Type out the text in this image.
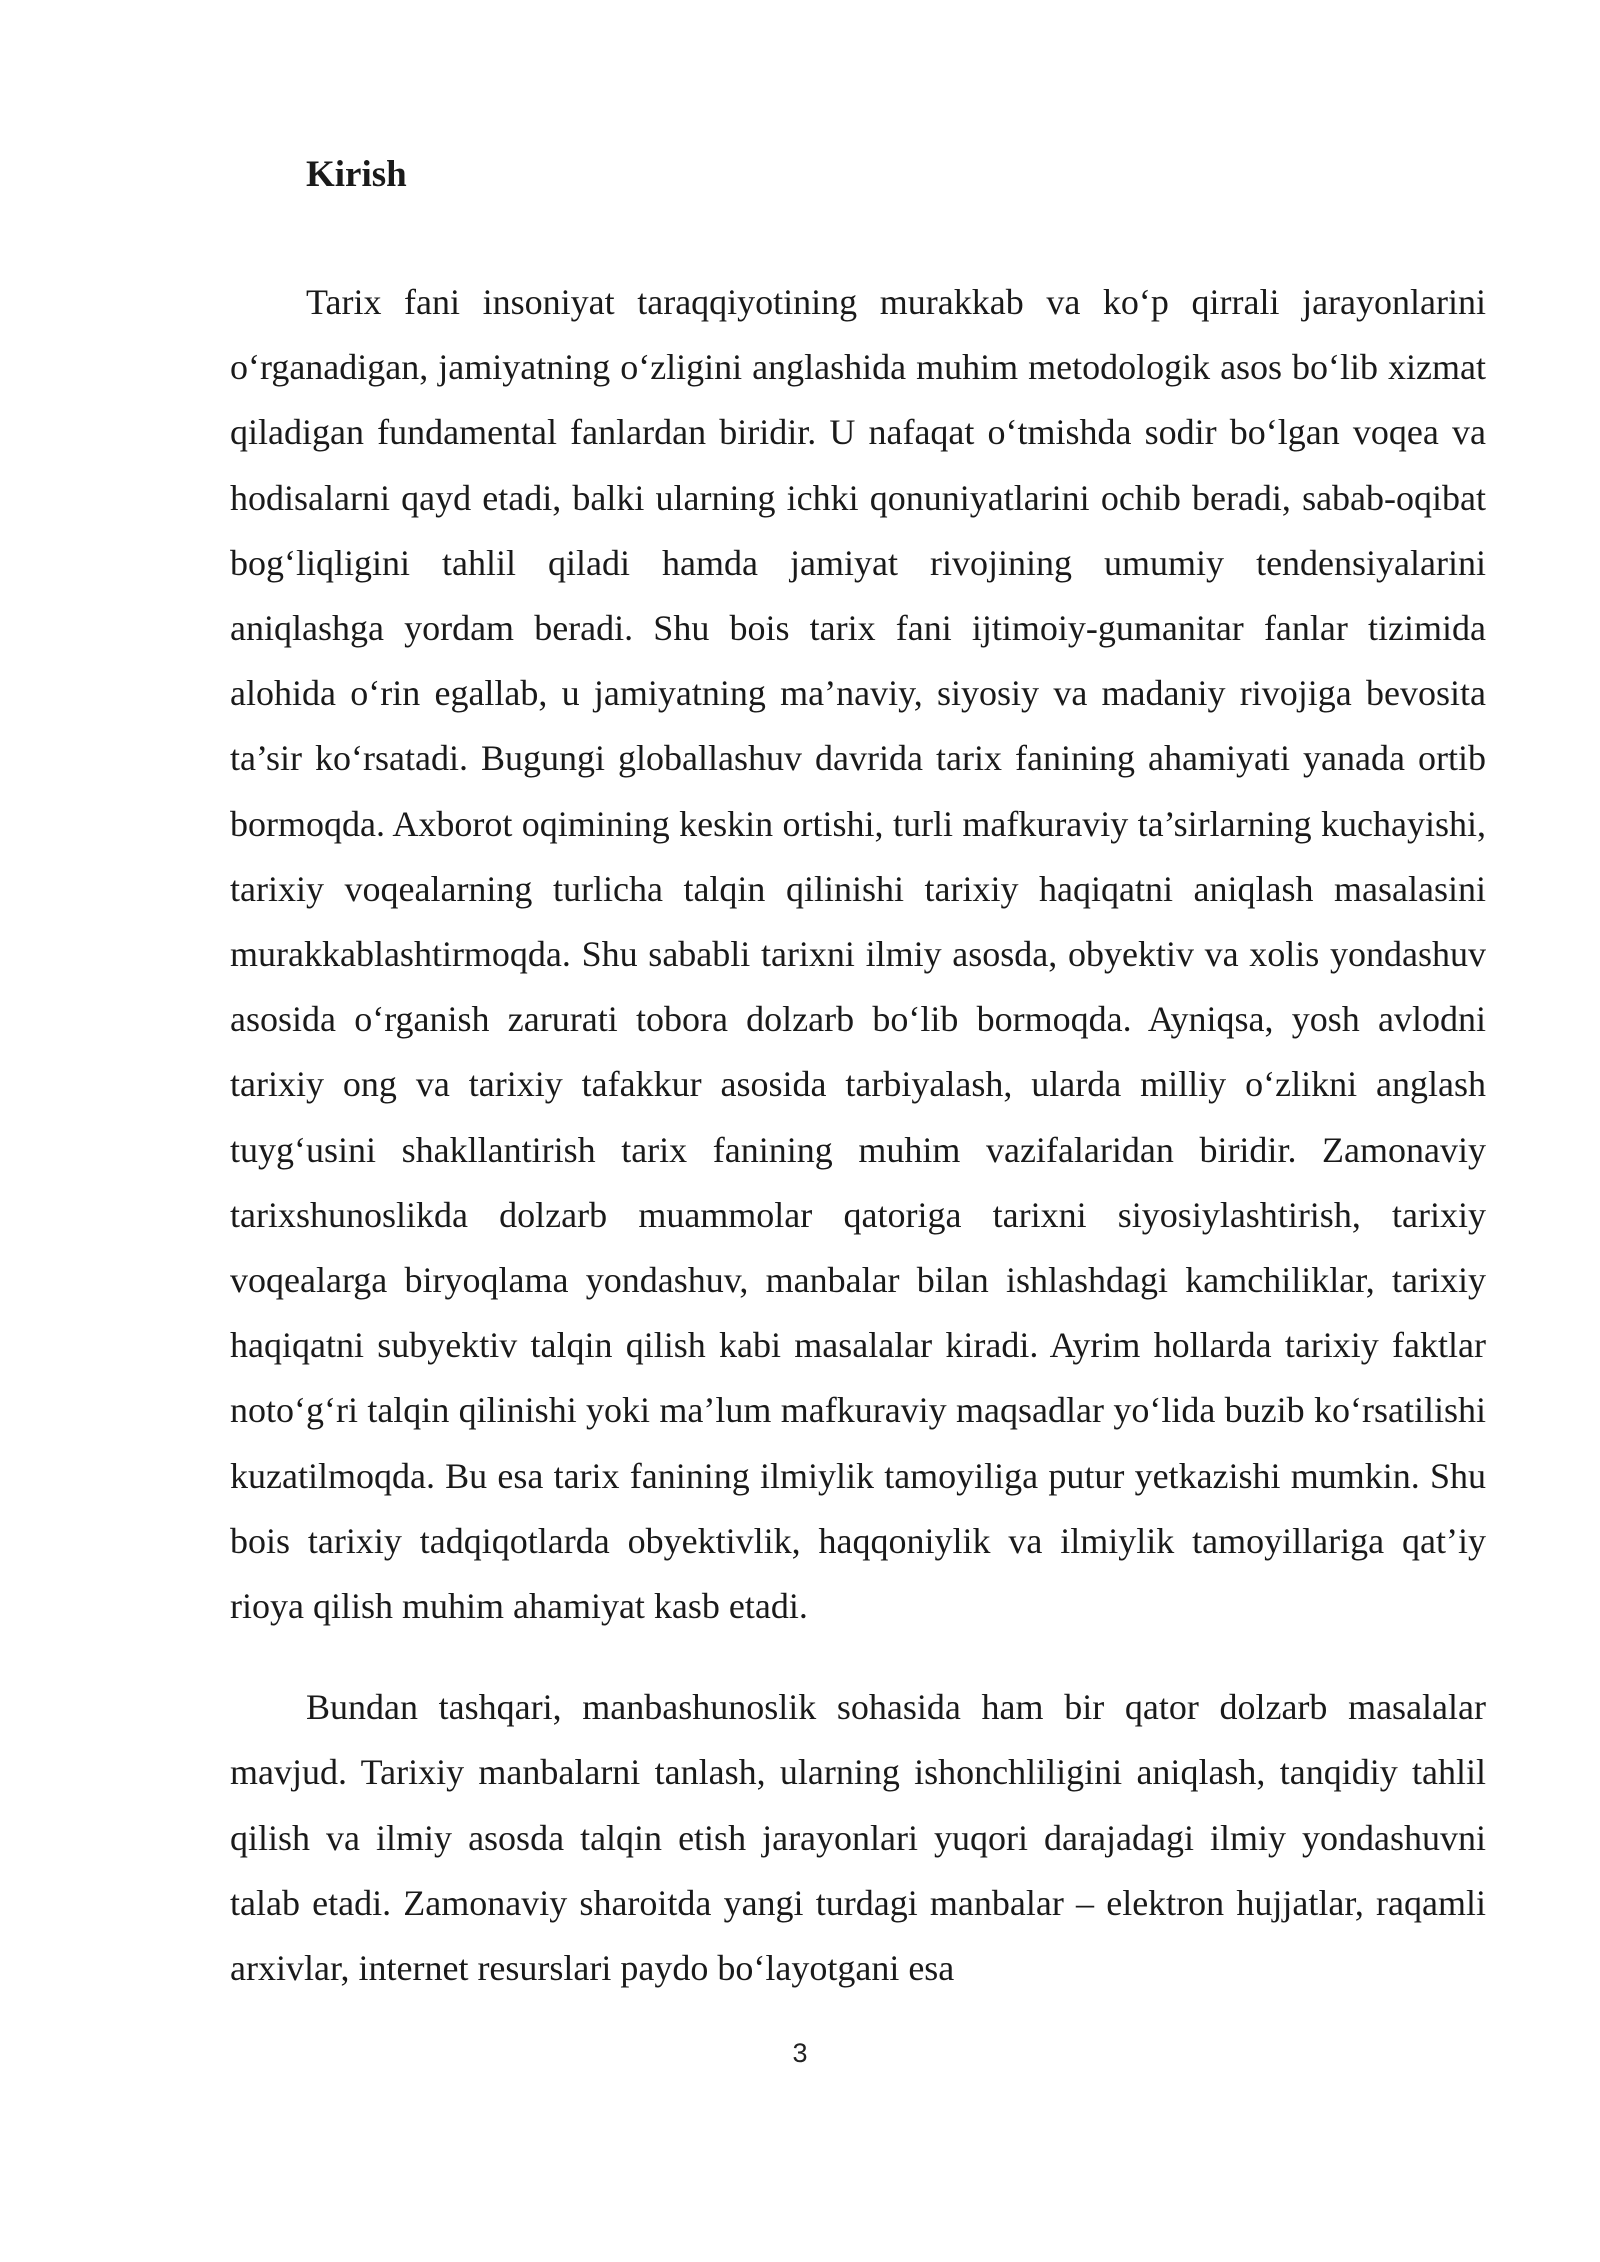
Kirish

Tarix fani insoniyat taraqqiyotining murakkab va ko‘p qirrali jarayonlarini o‘rganadigan, jamiyatning o‘zligini anglashida muhim metodologik asos bo‘lib xizmat qiladigan fundamental fanlardan biridir. U nafaqat o‘tmishda sodir bo‘lgan voqea va hodisalarni qayd etadi, balki ularning ichki qonuniyatlarini ochib beradi, sabab-oqibat bog‘liqligini tahlil qiladi hamda jamiyat rivojining umumiy tendensiyalarini aniqlashga yordam beradi. Shu bois tarix fani ijtimoiy-gumanitar fanlar tizimida alohida o‘rin egallab, u jamiyatning ma’naviy, siyosiy va madaniy rivojiga bevosita ta’sir ko‘rsatadi. Bugungi globallashuv davrida tarix fanining ahamiyati yanada ortib bormoqda. Axborot oqimining keskin ortishi, turli mafkuraviy ta’sirlarning kuchayishi, tarixiy voqealarning turlicha talqin qilinishi tarixiy haqiqatni aniqlash masalasini murakkablashtirmoqda. Shu sababli tarixni ilmiy asosda, obyektiv va xolis yondashuv asosida o‘rganish zarurati tobora dolzarb bo‘lib bormoqda. Ayniqsa, yosh avlodni tarixiy ong va tarixiy tafakkur asosida tarbiyalash, ularda milliy o‘zlikni anglash tuyg‘usini shakllantirish tarix fanining muhim vazifalaridan biridir. Zamonaviy tarixshunoslikda dolzarb muammolar qatoriga tarixni siyosiylashtirish, tarixiy voqealarga biryoqlama yondashuv, manbalar bilan ishlashdagi kamchiliklar, tarixiy haqiqatni subyektiv talqin qilish kabi masalalar kiradi. Ayrim hollarda tarixiy faktlar noto‘g‘ri talqin qilinishi yoki ma’lum mafkuraviy maqsadlar yo‘lida buzib ko‘rsatilishi kuzatilmoqda. Bu esa tarix fanining ilmiylik tamoyiliga putur yetkazishi mumkin. Shu bois tarixiy tadqiqotlarda obyektivlik, haqqoniylik va ilmiylik tamoyillariga qat’iy rioya qilish muhim ahamiyat kasb etadi.

Bundan tashqari, manbashunoslik sohasida ham bir qator dolzarb masalalar mavjud. Tarixiy manbalarni tanlash, ularning ishonchliligini aniqlash, tanqidiy tahlil qilish va ilmiy asosda talqin etish jarayonlari yuqori darajadagi ilmiy yondashuvni talab etadi. Zamonaviy sharoitda yangi turdagi manbalar – elektron hujjatlar, raqamli arxivlar, internet resurslari paydo bo‘layotgani esa

3
